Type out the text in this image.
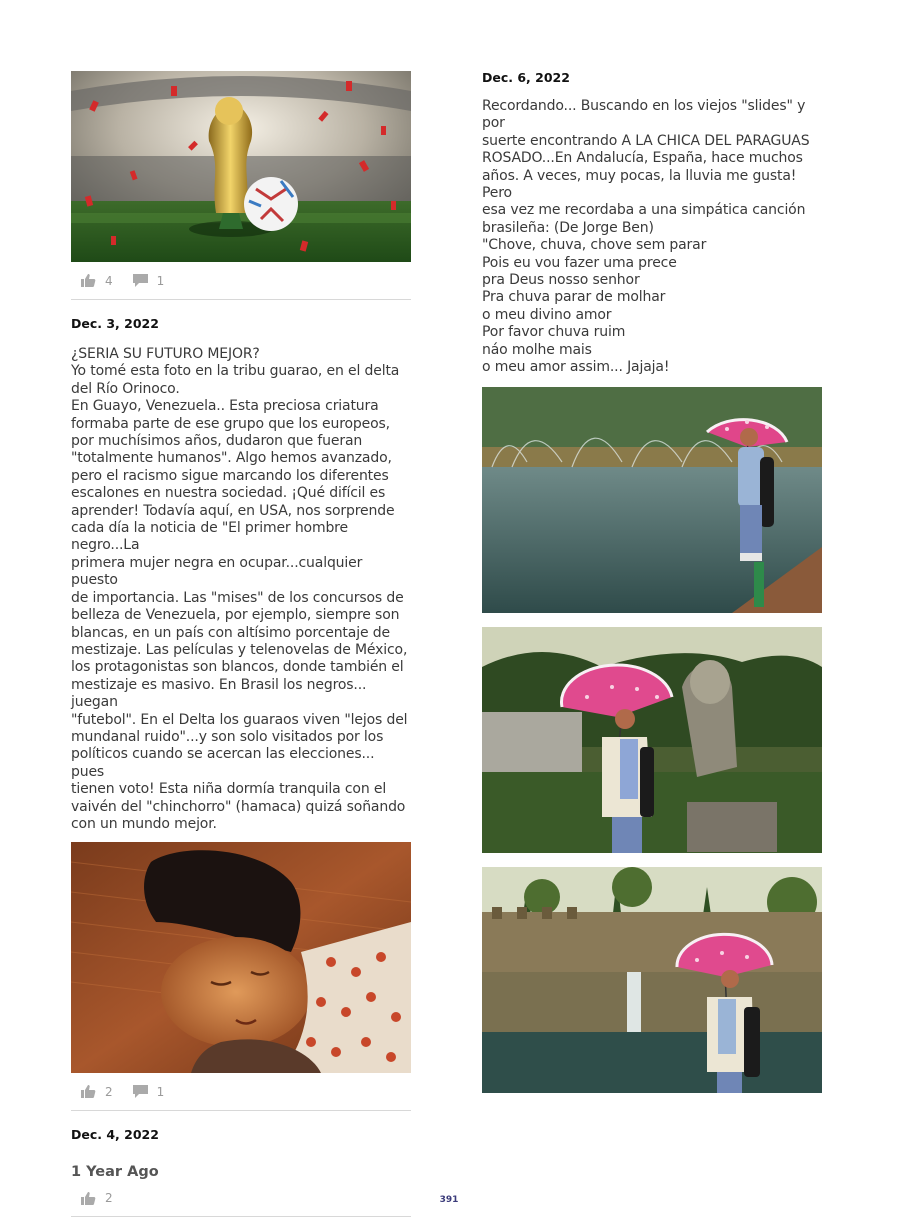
4	1
Dec. 3, 2022
¿SERIA SU FUTURO MEJOR?
Yo tomé esta foto en la tribu guarao, en el delta
del Río Orinoco.
En Guayo, Venezuela.. Esta preciosa criatura
formaba parte de ese grupo que los europeos,
por muchísimos años, dudaron que fueran
"totalmente humanos". Algo hemos avanzado,
pero el racismo sigue marcando los diferentes
escalones en nuestra sociedad. ¡Qué difícil es
aprender! Todavía aquí, en USA, nos sorprende
cada día la noticia de "El primer hombre negro...La
primera mujer negra en ocupar...cualquier puesto
de importancia. Las "mises" de los concursos de
belleza de Venezuela, por ejemplo, siempre son
blancas, en un país con altísimo porcentaje de
mestizaje. Las películas y telenovelas de México,
los protagonistas son blancos, donde también el
mestizaje es masivo. En Brasil los negros... juegan
"futebol". En el Delta los guaraos viven "lejos del
mundanal ruido"...y son solo visitados por los
políticos cuando se acercan las elecciones... pues
tienen voto! Esta niña dormía tranquila con el
vaivén del "chinchorro" (hamaca) quizá soñando
con un mundo mejor.
2	1
Dec. 4, 2022
1 Year Ago
2
Dec. 6, 2022
Recordando... Buscando en los viejos "slides" y por
suerte encontrando A LA CHICA DEL PARAGUAS
ROSADO...En Andalucía, España, hace muchos
años. A veces, muy pocas, la lluvia me gusta! Pero
esa vez me recordaba a una simpática canción
brasileña: (De Jorge Ben)
"Chove, chuva, chove sem parar
Pois eu vou fazer uma prece
pra Deus nosso senhor
Pra chuva parar de molhar
o meu divino amor
Por favor chuva ruim
náo molhe mais
o meu amor assim... Jajaja!
391
